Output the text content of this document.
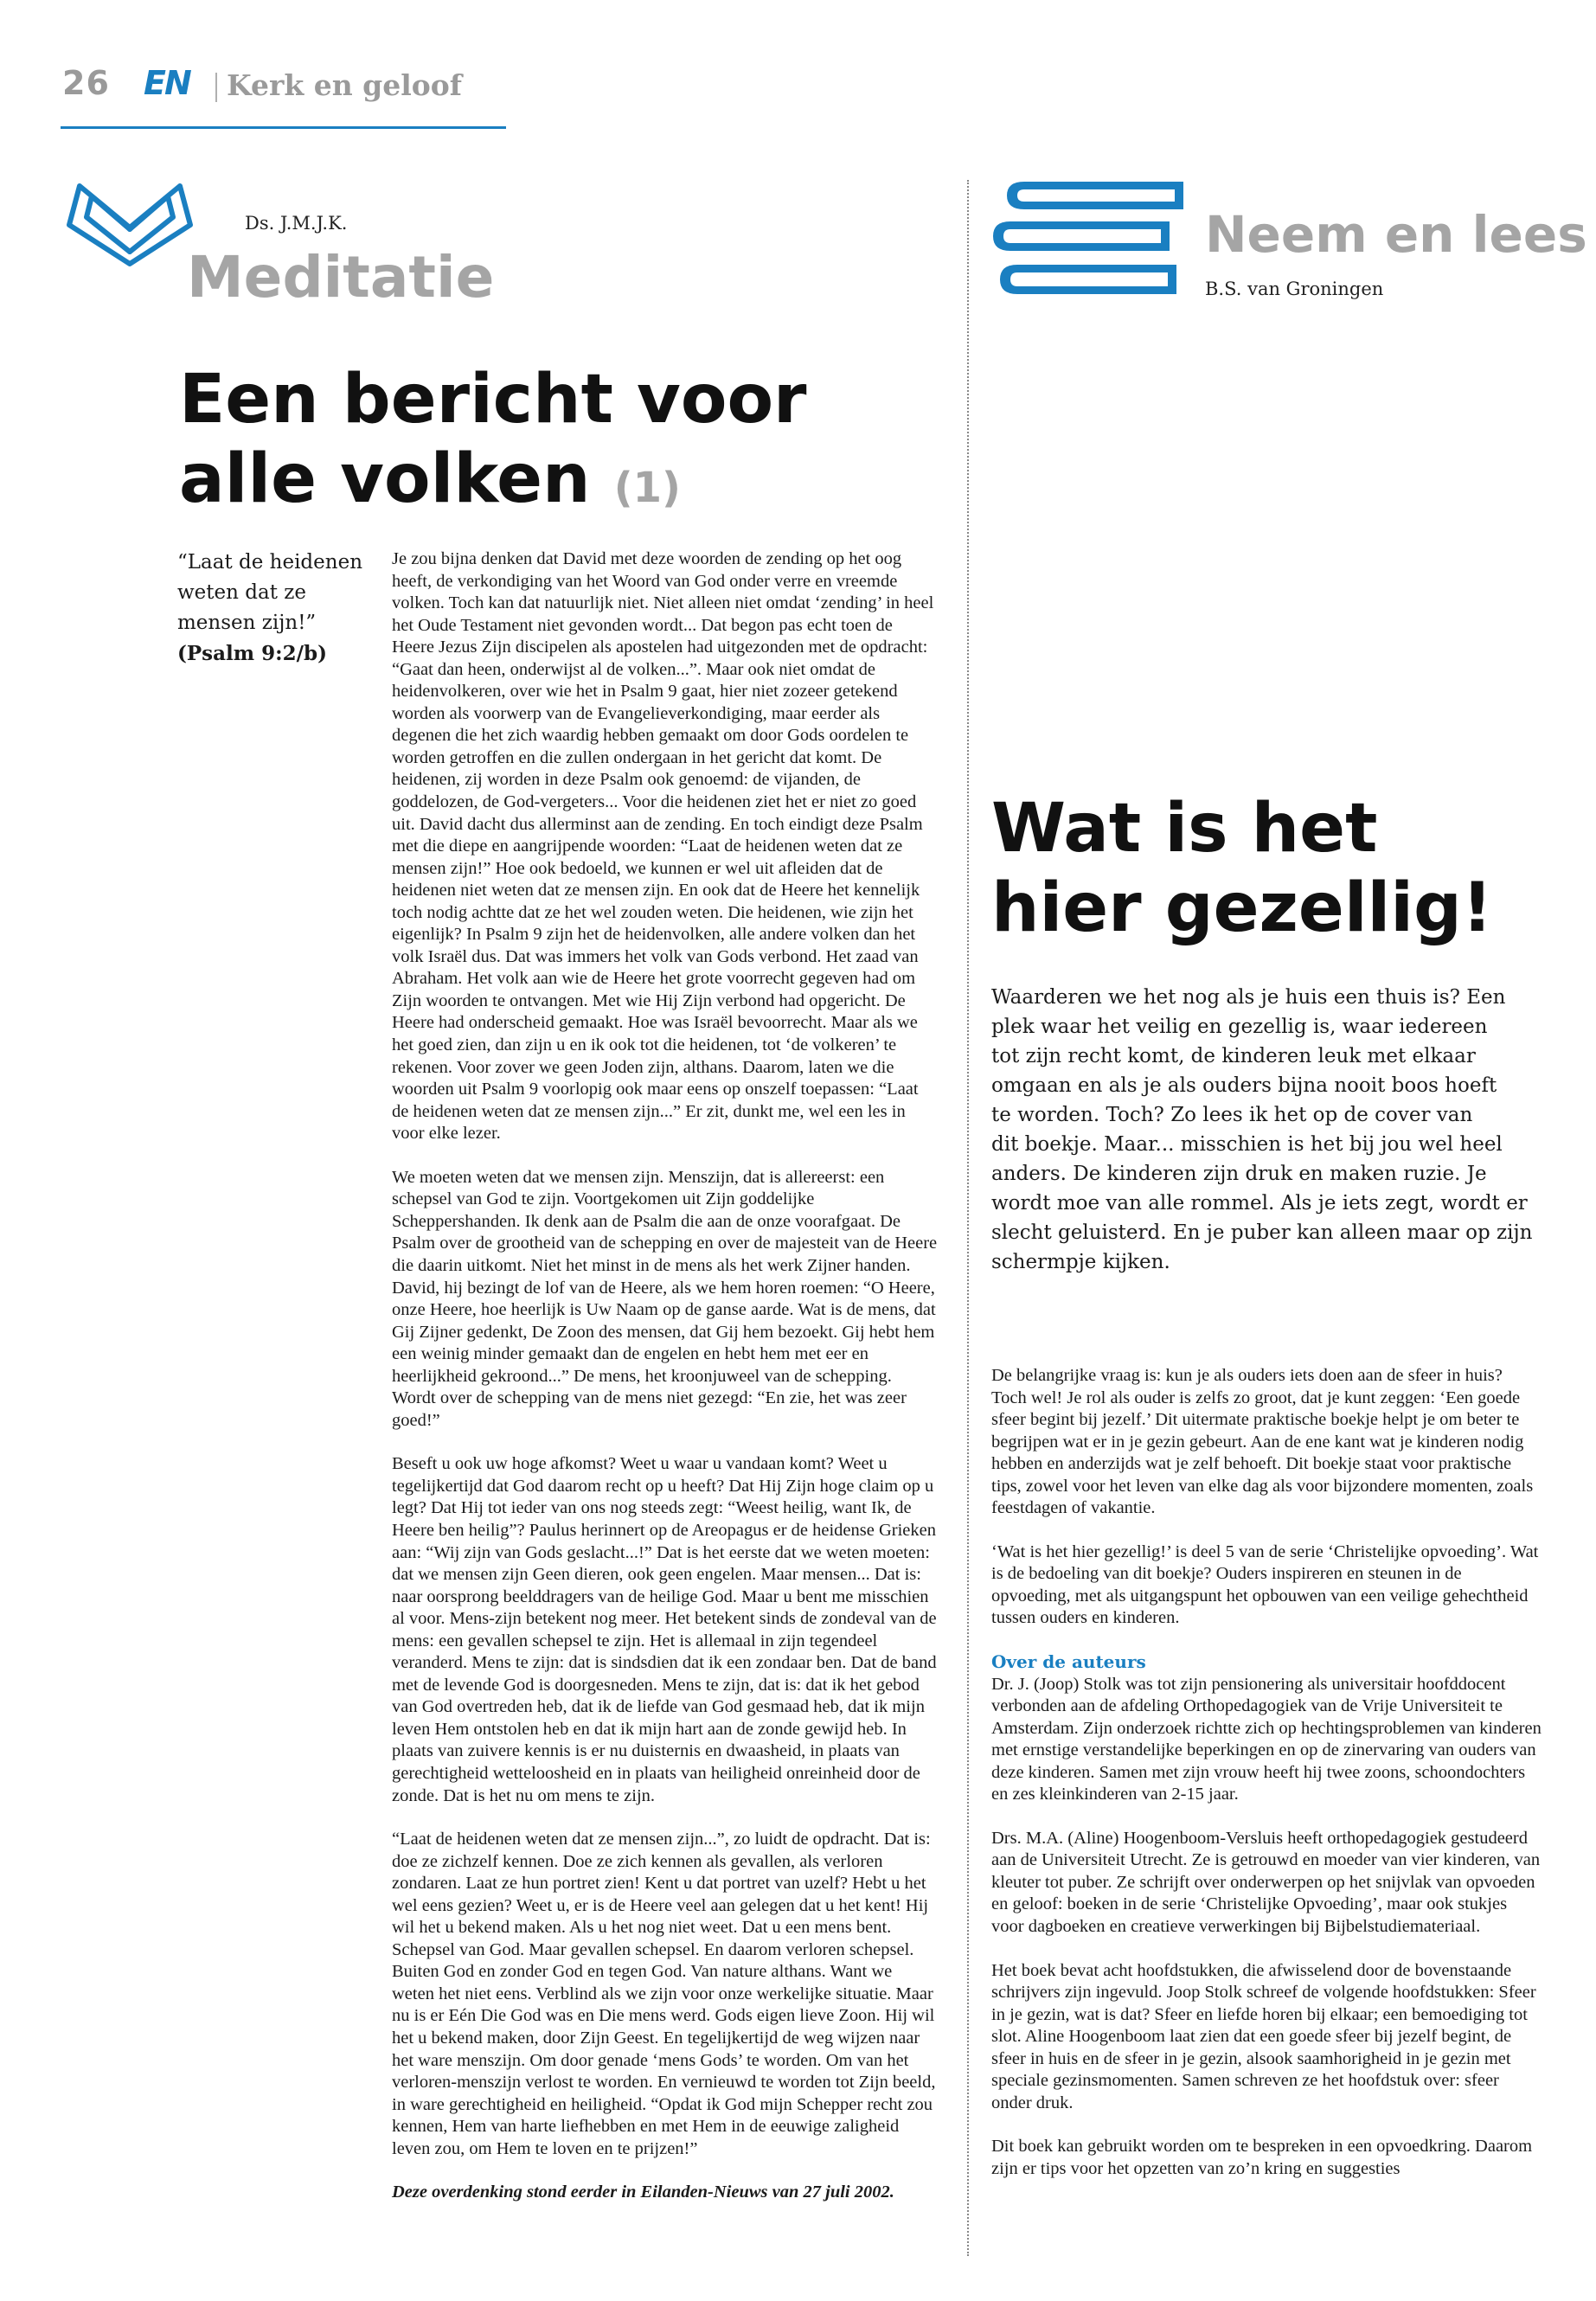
26 EN Kerk en geloof
Ds. J.M.J.K.
Meditatie
Een bericht voor
alle volken (1)
“Laat de heidenen weten dat ze mensen zijn!”
(Psalm 9:2/b)

Je zou bijna denken dat David met deze woorden de zending op het oog heeft, de verkondiging van het Woord van God onder verre en vreemde volken. Toch kan dat natuurlijk niet. Niet alleen niet omdat ‘zending’ in heel het Oude Testament niet gevonden wordt... Dat begon pas echt toen de Heere Jezus Zijn discipelen als apostelen had uitgezonden met de opdracht: “Gaat dan heen, onderwijst al de volken...”. Maar ook niet omdat de heidenvolkeren, over wie het in Psalm 9 gaat, hier niet zozeer getekend worden als voorwerp van de Evangelieverkondiging, maar eerder als degenen die het zich waardig hebben gemaakt om door Gods oordelen te worden getroffen en die zullen ondergaan in het gericht dat komt. De heidenen, zij worden in deze Psalm ook genoemd: de vijanden, de goddelozen, de God-vergeters... Voor die heidenen ziet het er niet zo goed uit. David dacht dus allerminst aan de zending. En toch eindigt deze Psalm met die diepe en aangrijpende woorden: “Laat de heidenen weten dat ze mensen zijn!” Hoe ook bedoeld, we kunnen er wel uit afleiden dat de heidenen niet weten dat ze mensen zijn. En ook dat de Heere het kennelijk toch nodig achtte dat ze het wel zouden weten. Die heidenen, wie zijn het eigenlijk? In Psalm 9 zijn het de heidenvolken, alle andere volken dan het volk Israël dus. Dat was immers het volk van Gods verbond. Het zaad van Abraham. Het volk aan wie de Heere het grote voorrecht gegeven had om Zijn woorden te ontvangen. Met wie Hij Zijn verbond had opgericht. De Heere had onderscheid gemaakt. Hoe was Israël bevoorrecht. Maar als we het goed zien, dan zijn u en ik ook tot die heidenen, tot ‘de volkeren’ te rekenen. Voor zover we geen Joden zijn, althans. Daarom, laten we die woorden uit Psalm 9 voorlopig ook maar eens op onszelf toepassen: “Laat de heidenen weten dat ze mensen zijn...” Er zit, dunkt me, wel een les in voor elke lezer.

We moeten weten dat we mensen zijn. Menszijn, dat is allereerst: een schepsel van God te zijn. Voortgekomen uit Zijn goddelijke Scheppershanden. Ik denk aan de Psalm die aan de onze voorafgaat. De Psalm over de grootheid van de schepping en over de majesteit van de Heere die daarin uitkomt. Niet het minst in de mens als het werk Zijner handen. David, hij bezingt de lof van de Heere, als we hem horen roemen: “O Heere, onze Heere, hoe heerlijk is Uw Naam op de ganse aarde. Wat is de mens, dat Gij Zijner gedenkt, De Zoon des mensen, dat Gij hem bezoekt. Gij hebt hem een weinig minder gemaakt dan de engelen en hebt hem met eer en heerlijkheid gekroond...” De mens, het kroonjuweel van de schepping. Wordt over de schepping van de mens niet gezegd: “En zie, het was zeer goed!”

Beseft u ook uw hoge afkomst? Weet u waar u vandaan komt? Weet u tegelijkertijd dat God daarom recht op u heeft? Dat Hij Zijn hoge claim op u legt? Dat Hij tot ieder van ons nog steeds zegt: “Weest heilig, want Ik, de Heere ben heilig”? Paulus herinnert op de Areopagus er de heidense Grieken aan: “Wij zijn van Gods geslacht...!” Dat is het eerste dat we weten moeten: dat we mensen zijn Geen dieren, ook geen engelen. Maar mensen... Dat is: naar oorsprong beelddragers van de heilige God. Maar u bent me misschien al voor. Mens-zijn betekent nog meer. Het betekent sinds de zondeval van de mens: een gevallen schepsel te zijn. Het is allemaal in zijn tegendeel veranderd. Mens te zijn: dat is sindsdien dat ik een zondaar ben. Dat de band met de levende God is doorgesneden. Mens te zijn, dat is: dat ik het gebod van God overtreden heb, dat ik de liefde van God gesmaad heb, dat ik mijn leven Hem ontstolen heb en dat ik mijn hart aan de zonde gewijd heb. In plaats van zuivere kennis is er nu duisternis en dwaasheid, in plaats van gerechtigheid wetteloosheid en in plaats van heiligheid onreinheid door de zonde. Dat is het nu om mens te zijn.

“Laat de heidenen weten dat ze mensen zijn...”, zo luidt de opdracht. Dat is: doe ze zichzelf kennen. Doe ze zich kennen als gevallen, als verloren zondaren. Laat ze hun portret zien! Kent u dat portret van uzelf? Hebt u het wel eens gezien? Weet u, er is de Heere veel aan gelegen dat u het kent! Hij wil het u bekend maken. Als u het nog niet weet. Dat u een mens bent. Schepsel van God. Maar gevallen schepsel. En daarom verloren schepsel. Buiten God en zonder God en tegen God. Van nature althans. Want we weten het niet eens. Verblind als we zijn voor onze werkelijke situatie. Maar nu is er Eén Die God was en Die mens werd. Gods eigen lieve Zoon. Hij wil het u bekend maken, door Zijn Geest. En tegelijkertijd de weg wijzen naar het ware menszijn. Om door genade ‘mens Gods’ te worden. Om van het verloren-menszijn verlost te worden. En vernieuwd te worden tot Zijn beeld, in ware gerechtigheid en heiligheid. “Opdat ik God mijn Schepper recht zou kennen, Hem van harte liefhebben en met Hem in de eeuwige zaligheid leven zou, om Hem te loven en te prijzen!”

Deze overdenking stond eerder in Eilanden-Nieuws van 27 juli 2002.

Neem en lees
B.S. van Groningen
Wat is het
hier gezellig!
Waarderen we het nog als je huis een thuis is? Een
plek waar het veilig en gezellig is, waar iedereen
tot zijn recht komt, de kinderen leuk met elkaar
omgaan en als je als ouders bijna nooit boos hoeft
te worden. Toch? Zo lees ik het op de cover van
dit boekje. Maar... misschien is het bij jou wel heel
anders. De kinderen zijn druk en maken ruzie. Je
wordt moe van alle rommel. Als je iets zegt, wordt er
slecht geluisterd. En je puber kan alleen maar op zijn
schermpje kijken.

De belangrijke vraag is: kun je als ouders iets doen aan de sfeer in huis? Toch wel! Je rol als ouder is zelfs zo groot, dat je kunt zeggen: ‘Een goede sfeer begint bij jezelf.’ Dit uitermate praktische boekje helpt je om beter te begrijpen wat er in je gezin gebeurt. Aan de ene kant wat je kinderen nodig hebben en anderzijds wat je zelf behoeft. Dit boekje staat voor praktische tips, zowel voor het leven van elke dag als voor bijzondere momenten, zoals feestdagen of vakantie.

‘Wat is het hier gezellig!’ is deel 5 van de serie ‘Christelijke opvoeding’. Wat is de bedoeling van dit boekje? Ouders inspireren en steunen in de opvoeding, met als uitgangspunt het opbouwen van een veilige gehechtheid tussen ouders en kinderen.

Over de auteurs

Dr. J. (Joop) Stolk was tot zijn pensionering als universitair hoofddocent verbonden aan de afdeling Orthopedagogiek van de Vrije Universiteit te Amsterdam. Zijn onderzoek richtte zich op hechtingsproblemen van kinderen met ernstige verstandelijke beperkingen en op de zinervaring van ouders van deze kinderen. Samen met zijn vrouw heeft hij twee zoons, schoondochters en zes kleinkinderen van 2-15 jaar.

Drs. M.A. (Aline) Hoogenboom-Versluis heeft orthopedagogiek gestudeerd aan de Universiteit Utrecht. Ze is getrouwd en moeder van vier kinderen, van kleuter tot puber. Ze schrijft over onderwerpen op het snijvlak van opvoeden en geloof: boeken in de serie ‘Christelijke Opvoeding’, maar ook stukjes voor dagboeken en creatieve verwerkingen bij Bijbelstudiemateriaal.

Het boek bevat acht hoofdstukken, die afwisselend door de bovenstaande schrijvers zijn ingevuld. Joop Stolk schreef de volgende hoofdstukken: Sfeer in je gezin, wat is dat? Sfeer en liefde horen bij elkaar; een bemoediging tot slot. Aline Hoogenboom laat zien dat een goede sfeer bij jezelf begint, de sfeer in huis en de sfeer in je gezin, alsook saamhorigheid in je gezin met speciale gezinsmomenten. Samen schreven ze het hoofdstuk over: sfeer onder druk.

Dit boek kan gebruikt worden om te bespreken in een opvoedkring. Daarom zijn er tips voor het opzetten van zo’n kring en suggesties
